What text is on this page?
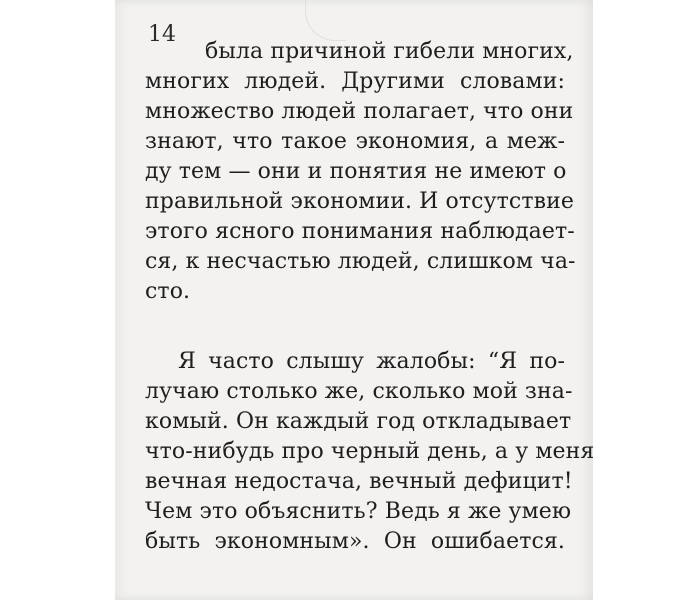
14
была причиной гибели многих,
многих людей. Другими словами:
множество людей полагает, что они
знают, что такое экономия, а меж-
ду тем — они и понятия не имеют о
правильной экономии. И отсутствие
этого ясного понимания наблюдает-
ся, к несчастью людей, слишком ча-
сто.
Я часто слышу жалобы: “Я по-
лучаю столько же, сколько мой зна-
комый. Он каждый год откладывает
что-нибудь про черный день, а у меня
вечная недостача, вечный дефицит!
Чем это объяснить? Ведь я же умею
быть экономным». Он ошибается.
